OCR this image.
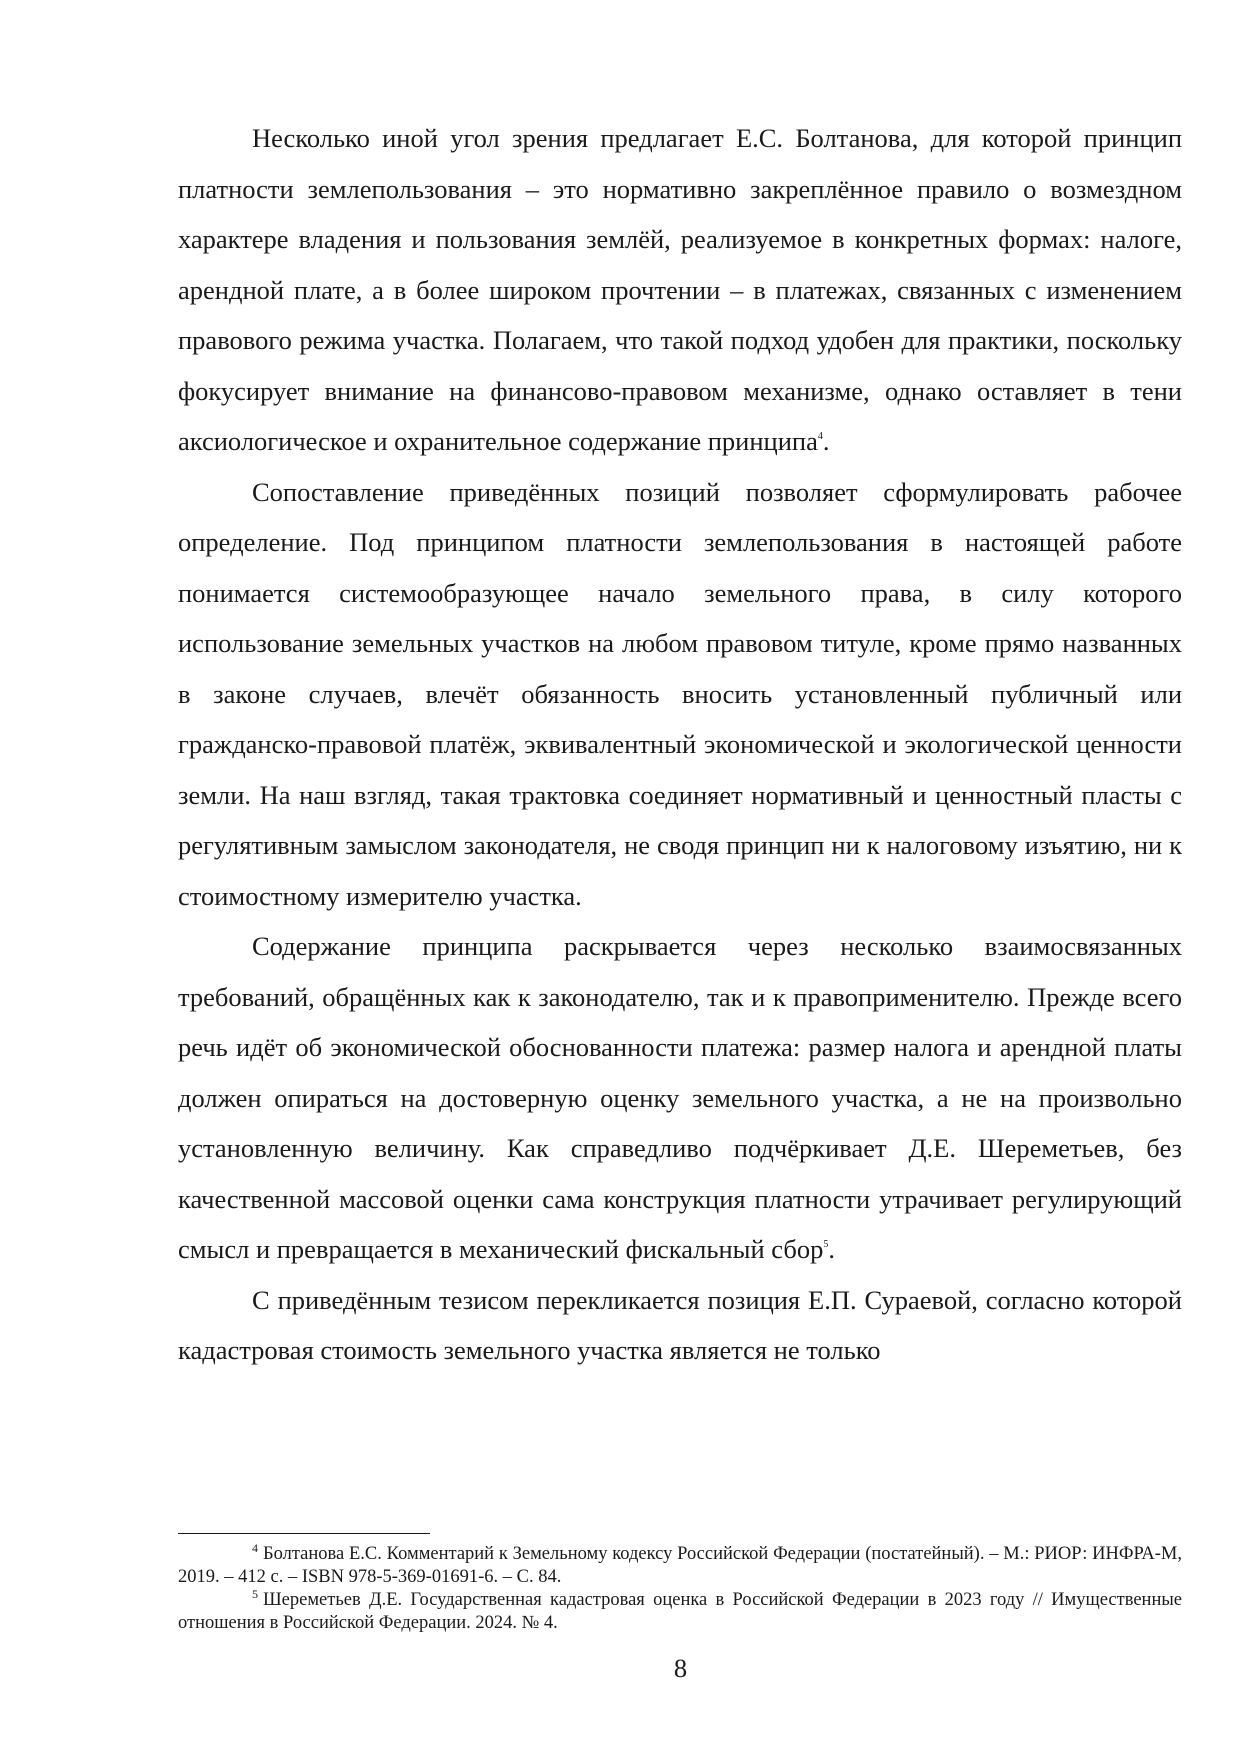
Несколько иной угол зрения предлагает Е.С. Болтанова, для которой принцип платности землепользования – это нормативно закреплённое правило о возмездном характере владения и пользования землёй, реализуемое в конкретных формах: налоге, арендной плате, а в более широком прочтении – в платежах, связанных с изменением правового режима участка. Полагаем, что такой подход удобен для практики, поскольку фокусирует внимание на финансово-правовом механизме, однако оставляет в тени аксиологическое и охранительное содержание принципа$^4$.

Сопоставление приведённых позиций позволяет сформулировать рабочее определение. Под принципом платности землепользования в настоящей работе понимается системообразующее начало земельного права, в силу которого использование земельных участков на любом правовом титуле, кроме прямо названных в законе случаев, влечёт обязанность вносить установленный публичный или гражданско-правовой платёж, эквивалентный экономической и экологической ценности земли. На наш взгляд, такая трактовка соединяет нормативный и ценностный пласты с регулятивным замыслом законодателя, не сводя принцип ни к налоговому изъятию, ни к стоимостному измерителю участка.

Содержание принципа раскрывается через несколько взаимосвязанных требований, обращённых как к законодателю, так и к правоприменителю. Прежде всего речь идёт об экономической обоснованности платежа: размер налога и арендной платы должен опираться на достоверную оценку земельного участка, а не на произвольно установленную величину. Как справедливо подчёркивает Д.Е. Шереметьев, без качественной массовой оценки сама конструкция платности утрачивает регулирующий смысл и превращается в механический фискальный сбор$^5$.

С приведённым тезисом перекликается позиция Е.П. Сураевой, согласно которой кадастровая стоимость земельного участка является не только

$^4$ Болтанова Е.С. Комментарий к Земельному кодексу Российской Федерации (постатейный). – М.: РИОР: ИНФРА-М, 2019. – 412 с. – ISBN 978-5-369-01691-6. – С. 84.

$^5$ Шереметьев Д.Е. Государственная кадастровая оценка в Российской Федерации в 2023 году // Имущественные отношения в Российской Федерации. 2024. № 4.

8
